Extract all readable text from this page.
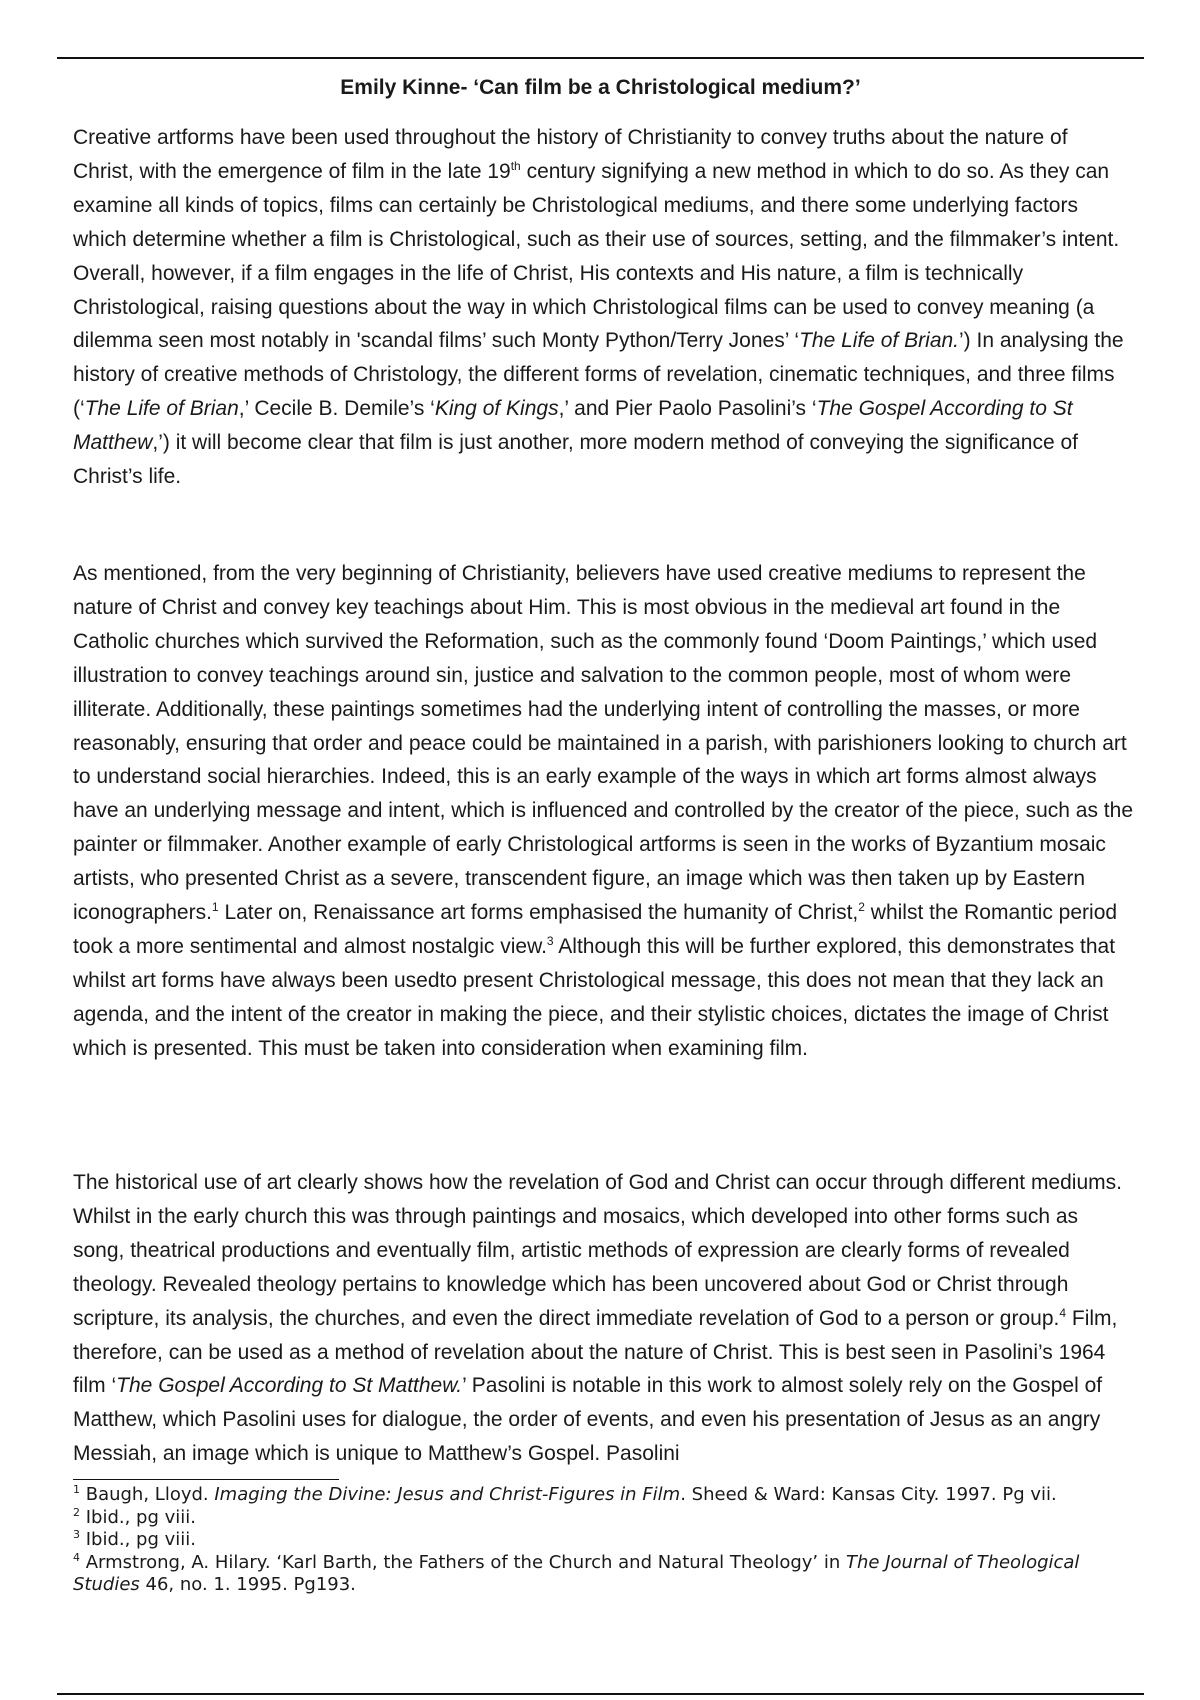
Emily Kinne- ‘Can film be a Christological medium?’

Creative artforms have been used throughout the history of Christianity to convey truths about the nature of Christ, with the emergence of film in the late 19th century signifying a new method in which to do so. As they can examine all kinds of topics, films can certainly be Christological mediums, and there some underlying factors which determine whether a film is Christological, such as their use of sources, setting, and the filmmaker’s intent. Overall, however, if a film engages in the life of Christ, His contexts and His nature, a film is technically Christological, raising questions about the way in which Christological films can be used to convey meaning (a dilemma seen most notably in 'scandal films’ such Monty Python/Terry Jones’ ‘The Life of Brian.’) In analysing the history of creative methods of Christology, the different forms of revelation, cinematic techniques, and three films (‘The Life of Brian,’ Cecile B. Demile’s ‘King of Kings,’ and Pier Paolo Pasolini’s ‘The Gospel According to St Matthew,’) it will become clear that film is just another, more modern method of conveying the significance of Christ’s life.

As mentioned, from the very beginning of Christianity, believers have used creative mediums to represent the nature of Christ and convey key teachings about Him. This is most obvious in the medieval art found in the Catholic churches which survived the Reformation, such as the commonly found ‘Doom Paintings,’ which used illustration to convey teachings around sin, justice and salvation to the common people, most of whom were illiterate. Additionally, these paintings sometimes had the underlying intent of controlling the masses, or more reasonably, ensuring that order and peace could be maintained in a parish, with parishioners looking to church art to understand social hierarchies. Indeed, this is an early example of the ways in which art forms almost always have an underlying message and intent, which is influenced and controlled by the creator of the piece, such as the painter or filmmaker. Another example of early Christological artforms is seen in the works of Byzantium mosaic artists, who presented Christ as a severe, transcendent figure, an image which was then taken up by Eastern iconographers.$^1$ Later on, Renaissance art forms emphasised the humanity of Christ,$^2$ whilst the Romantic period took a more sentimental and almost nostalgic view.$^3$ Although this will be further explored, this demonstrates that whilst art forms have always been usedto present Christological message, this does not mean that they lack an agenda, and the intent of the creator in making the piece, and their stylistic choices, dictates the image of Christ which is presented. This must be taken into consideration when examining film.

The historical use of art clearly shows how the revelation of God and Christ can occur through different mediums. Whilst in the early church this was through paintings and mosaics, which developed into other forms such as song, theatrical productions and eventually film, artistic methods of expression are clearly forms of revealed theology. Revealed theology pertains to knowledge which has been uncovered about God or Christ through scripture, its analysis, the churches, and even the direct immediate revelation of God to a person or group.$^4$ Film, therefore, can be used as a method of revelation about the nature of Christ. This is best seen in Pasolini’s 1964 film ‘The Gospel According to St Matthew.’ Pasolini is notable in this work to almost solely rely on the Gospel of Matthew, which Pasolini uses for dialogue, the order of events, and even his presentation of Jesus as an angry Messiah, an image which is unique to Matthew’s Gospel. Pasolini

$^1$ Baugh, Lloyd. Imaging the Divine: Jesus and Christ-Figures in Film. Sheed & Ward: Kansas City. 1997. Pg vii.

$^2$ Ibid., pg viii.

$^3$ Ibid., pg viii.

$^4$ Armstrong, A. Hilary. ‘Karl Barth, the Fathers of the Church and Natural Theology’ in The Journal of Theological Studies 46, no. 1. 1995. Pg193.
